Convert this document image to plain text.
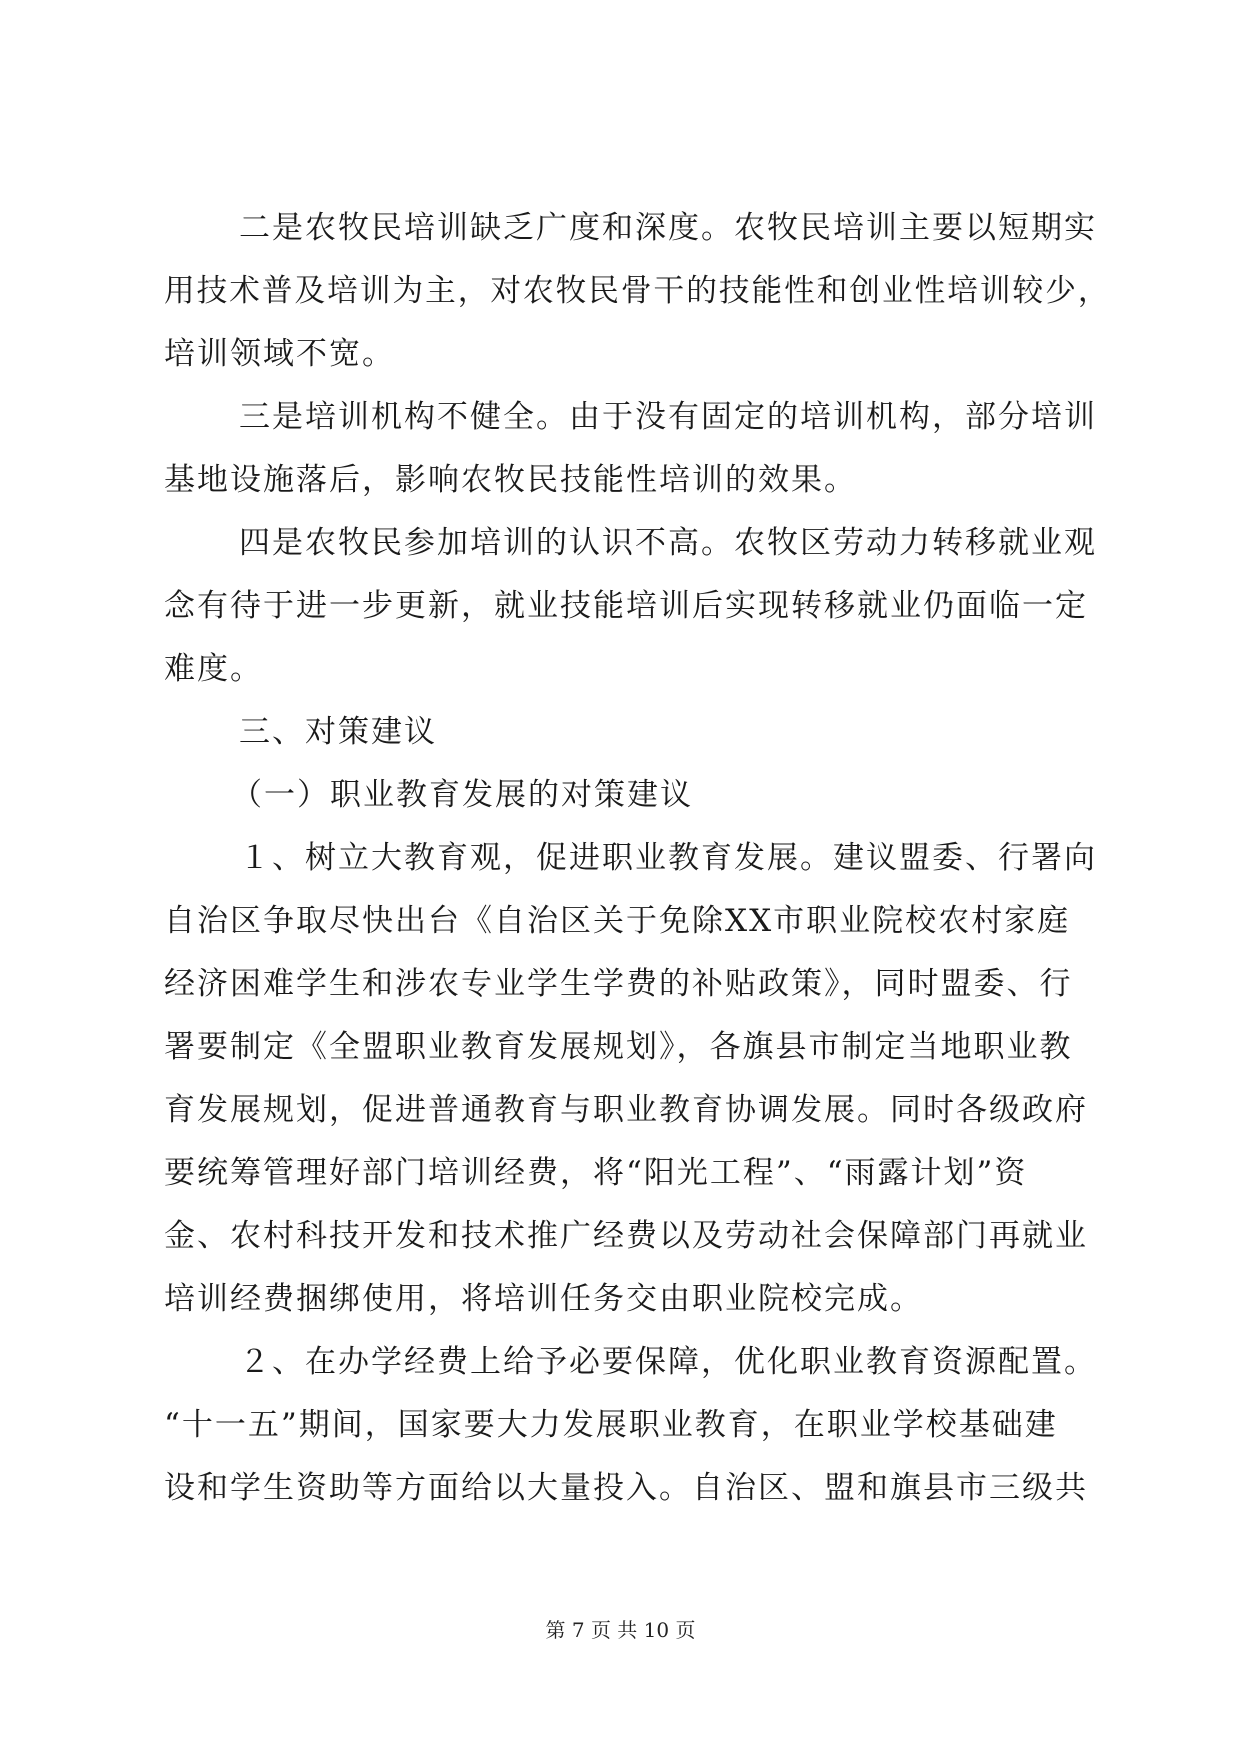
二是农牧民培训缺乏广度和深度。农牧民培训主要以短期实
用技术普及培训为主，对农牧民骨干的技能性和创业性培训较少，
培训领域不宽。
三是培训机构不健全。由于没有固定的培训机构，部分培训
基地设施落后，影响农牧民技能性培训的效果。
四是农牧民参加培训的认识不高。农牧区劳动力转移就业观
念有待于进一步更新，就业技能培训后实现转移就业仍面临一定
难度。
三、对策建议
（一）职业教育发展的对策建议
１、树立大教育观，促进职业教育发展。建议盟委、行署向
自治区争取尽快出台《自治区关于免除XX市职业院校农村家庭
经济困难学生和涉农专业学生学费的补贴政策》，同时盟委、行
署要制定《全盟职业教育发展规划》，各旗县市制定当地职业教
育发展规划，促进普通教育与职业教育协调发展。同时各级政府
要统筹管理好部门培训经费，将“阳光工程”、“雨露计划”资
金、农村科技开发和技术推广经费以及劳动社会保障部门再就业
培训经费捆绑使用，将培训任务交由职业院校完成。
２、在办学经费上给予必要保障，优化职业教育资源配置。
“十一五”期间，国家要大力发展职业教育，在职业学校基础建
设和学生资助等方面给以大量投入。自治区、盟和旗县市三级共
第 7 页 共 10 页
